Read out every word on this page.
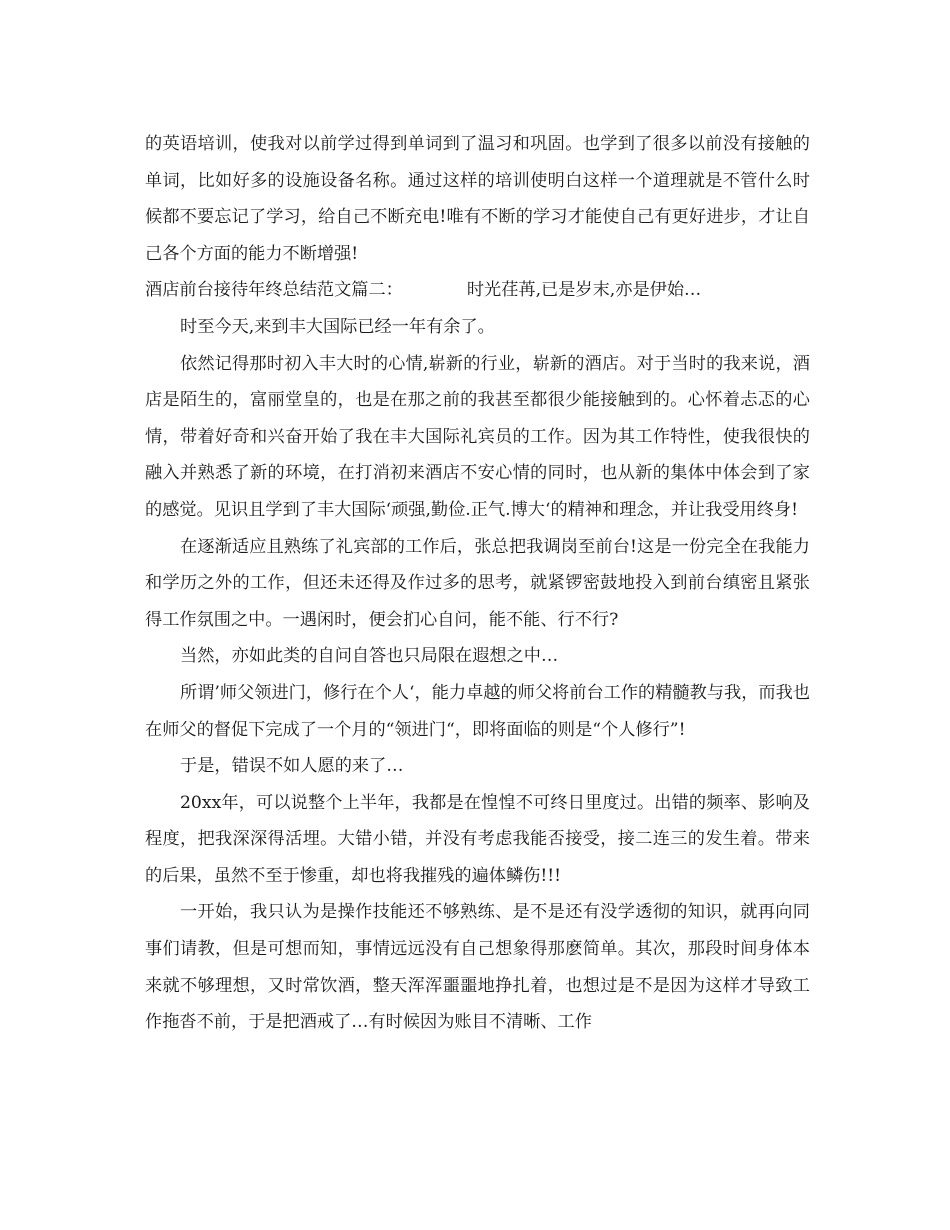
的英语培训，使我对以前学过得到单词到了温习和巩固。也学到了很多以前没有接触的单词，比如好多的设施设备名称。通过这样的培训使明白这样一个道理就是不管什么时候都不要忘记了学习，给自己不断充电!唯有不断的学习才能使自己有更好进步，才让自己各个方面的能力不断增强!

酒店前台接待年终总结范文篇二：	时光荏苒,已是岁末,亦是伊始…

时至今天,来到丰大国际已经一年有余了。

依然记得那时初入丰大时的心情,崭新的行业，崭新的酒店。对于当时的我来说，酒店是陌生的，富丽堂皇的，也是在那之前的我甚至都很少能接触到的。心怀着忐忑的心情，带着好奇和兴奋开始了我在丰大国际礼宾员的工作。因为其工作特性，使我很快的融入并熟悉了新的环境，在打消初来酒店不安心情的同时，也从新的集体中体会到了家的感觉。见识且学到了丰大国际‘顽强,勤俭.正气.博大‘的精神和理念，并让我受用终身!

在逐渐适应且熟练了礼宾部的工作后，张总把我调岗至前台!这是一份完全在我能力和学历之外的工作，但还未还得及作过多的思考，就紧锣密鼓地投入到前台缜密且紧张得工作氛围之中。一遇闲时，便会扪心自问，能不能、行不行?

当然，亦如此类的自问自答也只局限在遐想之中…

所谓’师父领进门，修行在个人‘，能力卓越的师父将前台工作的精髓教与我，而我也在师父的督促下完成了一个月的“领进门“，即将面临的则是“个人修行”!

于是，错误不如人愿的来了…

20xx年，可以说整个上半年，我都是在惶惶不可终日里度过。出错的频率、影响及程度，把我深深得活埋。大错小错，并没有考虑我能否接受，接二连三的发生着。带来的后果，虽然不至于惨重，却也将我摧残的遍体鳞伤!!!

一开始，我只认为是操作技能还不够熟练、是不是还有没学透彻的知识，就再向同事们请教，但是可想而知，事情远远没有自己想象得那麽简单。其次，那段时间身体本来就不够理想，又时常饮酒，整天浑浑噩噩地挣扎着，也想过是不是因为这样才导致工作拖沓不前，于是把酒戒了…有时候因为账目不清晰、工作
